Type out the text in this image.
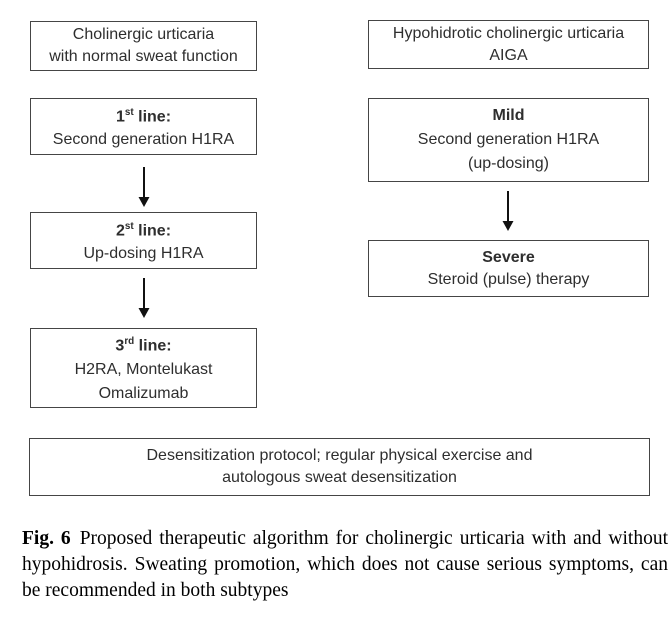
Cholinergic urticaria
with normal sweat function
1st line:
Second generation H1RA
2st line:
Up-dosing H1RA
3rd line:
H2RA, Montelukast
Omalizumab
Hypohidrotic cholinergic urticaria
AIGA
Mild
Second generation H1RA
(up-dosing)
Severe
Steroid (pulse) therapy
Desensitization protocol; regular physical exercise and
autologous sweat desensitization
Fig. 6 Proposed therapeutic algorithm for cholinergic urticaria with and without hypohidrosis. Sweating promotion, which does not cause serious symptoms, can be recommended in both subtypes
